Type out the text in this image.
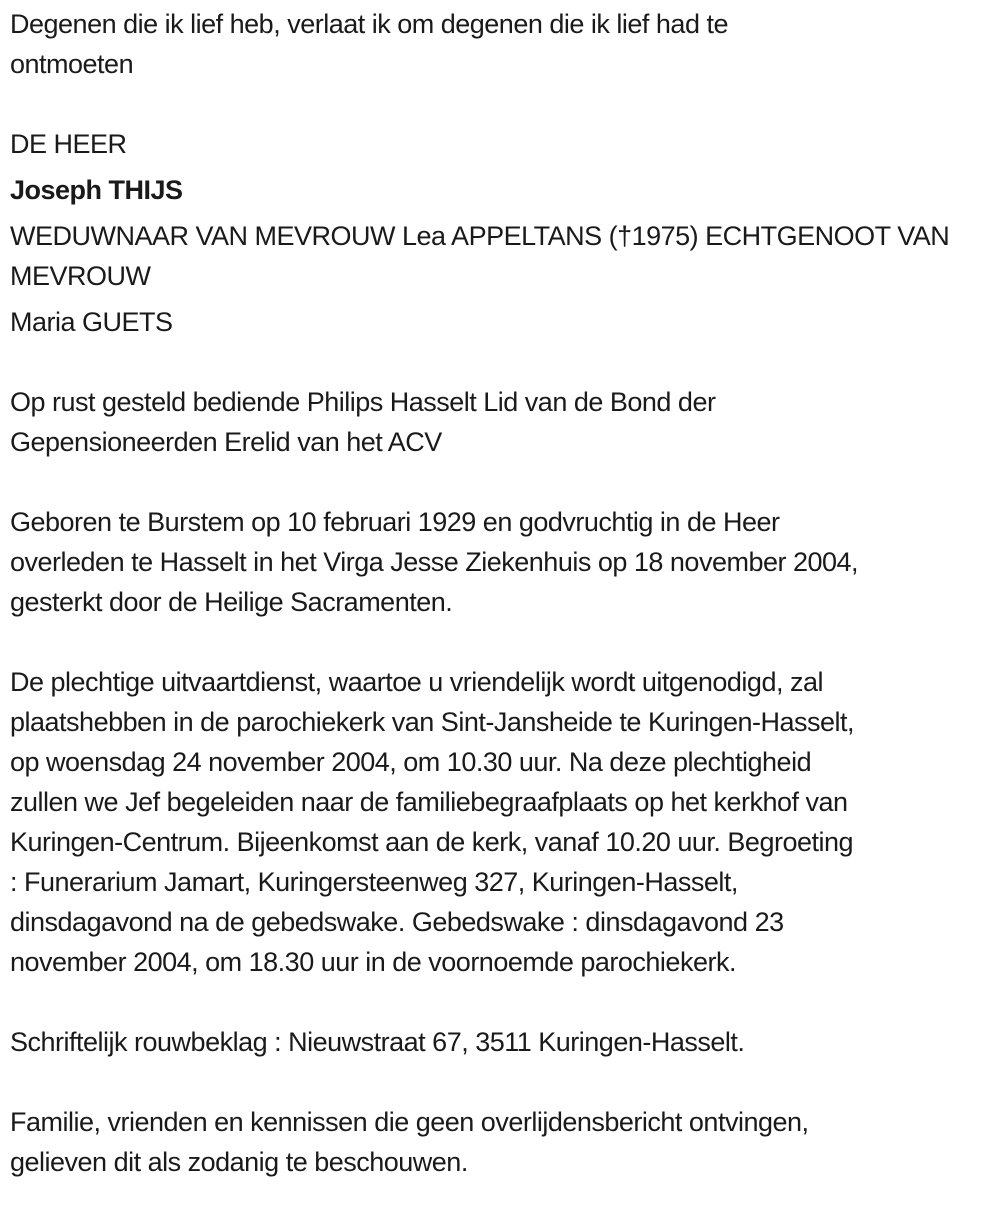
Degenen die ik lief heb, verlaat ik om degenen die ik lief had te
ontmoeten
DE HEER
Joseph THIJS
WEDUWNAAR VAN MEVROUW Lea APPELTANS (†1975) ECHTGENOOT VAN
MEVROUW
Maria GUETS
Op rust gesteld bediende Philips Hasselt Lid van de Bond der
Gepensioneerden Erelid van het ACV
Geboren te Burstem op 10 februari 1929 en godvruchtig in de Heer
overleden te Hasselt in het Virga Jesse Ziekenhuis op 18 november 2004,
gesterkt door de Heilige Sacramenten.
De plechtige uitvaartdienst, waartoe u vriendelijk wordt uitgenodigd, zal
plaatshebben in de parochiekerk van Sint-Jansheide te Kuringen-Hasselt,
op woensdag 24 november 2004, om 10.30 uur. Na deze plechtigheid
zullen we Jef begeleiden naar de familiebegraafplaats op het kerkhof van
Kuringen-Centrum. Bijeenkomst aan de kerk, vanaf 10.20 uur. Begroeting
: Funerarium Jamart, Kuringersteenweg 327, Kuringen-Hasselt,
dinsdagavond na de gebedswake. Gebedswake : dinsdagavond 23
november 2004, om 18.30 uur in de voornoemde parochiekerk.
Schriftelijk rouwbeklag : Nieuwstraat 67, 3511 Kuringen-Hasselt.
Familie, vrienden en kennissen die geen overlijdensbericht ontvingen,
gelieven dit als zodanig te beschouwen.
